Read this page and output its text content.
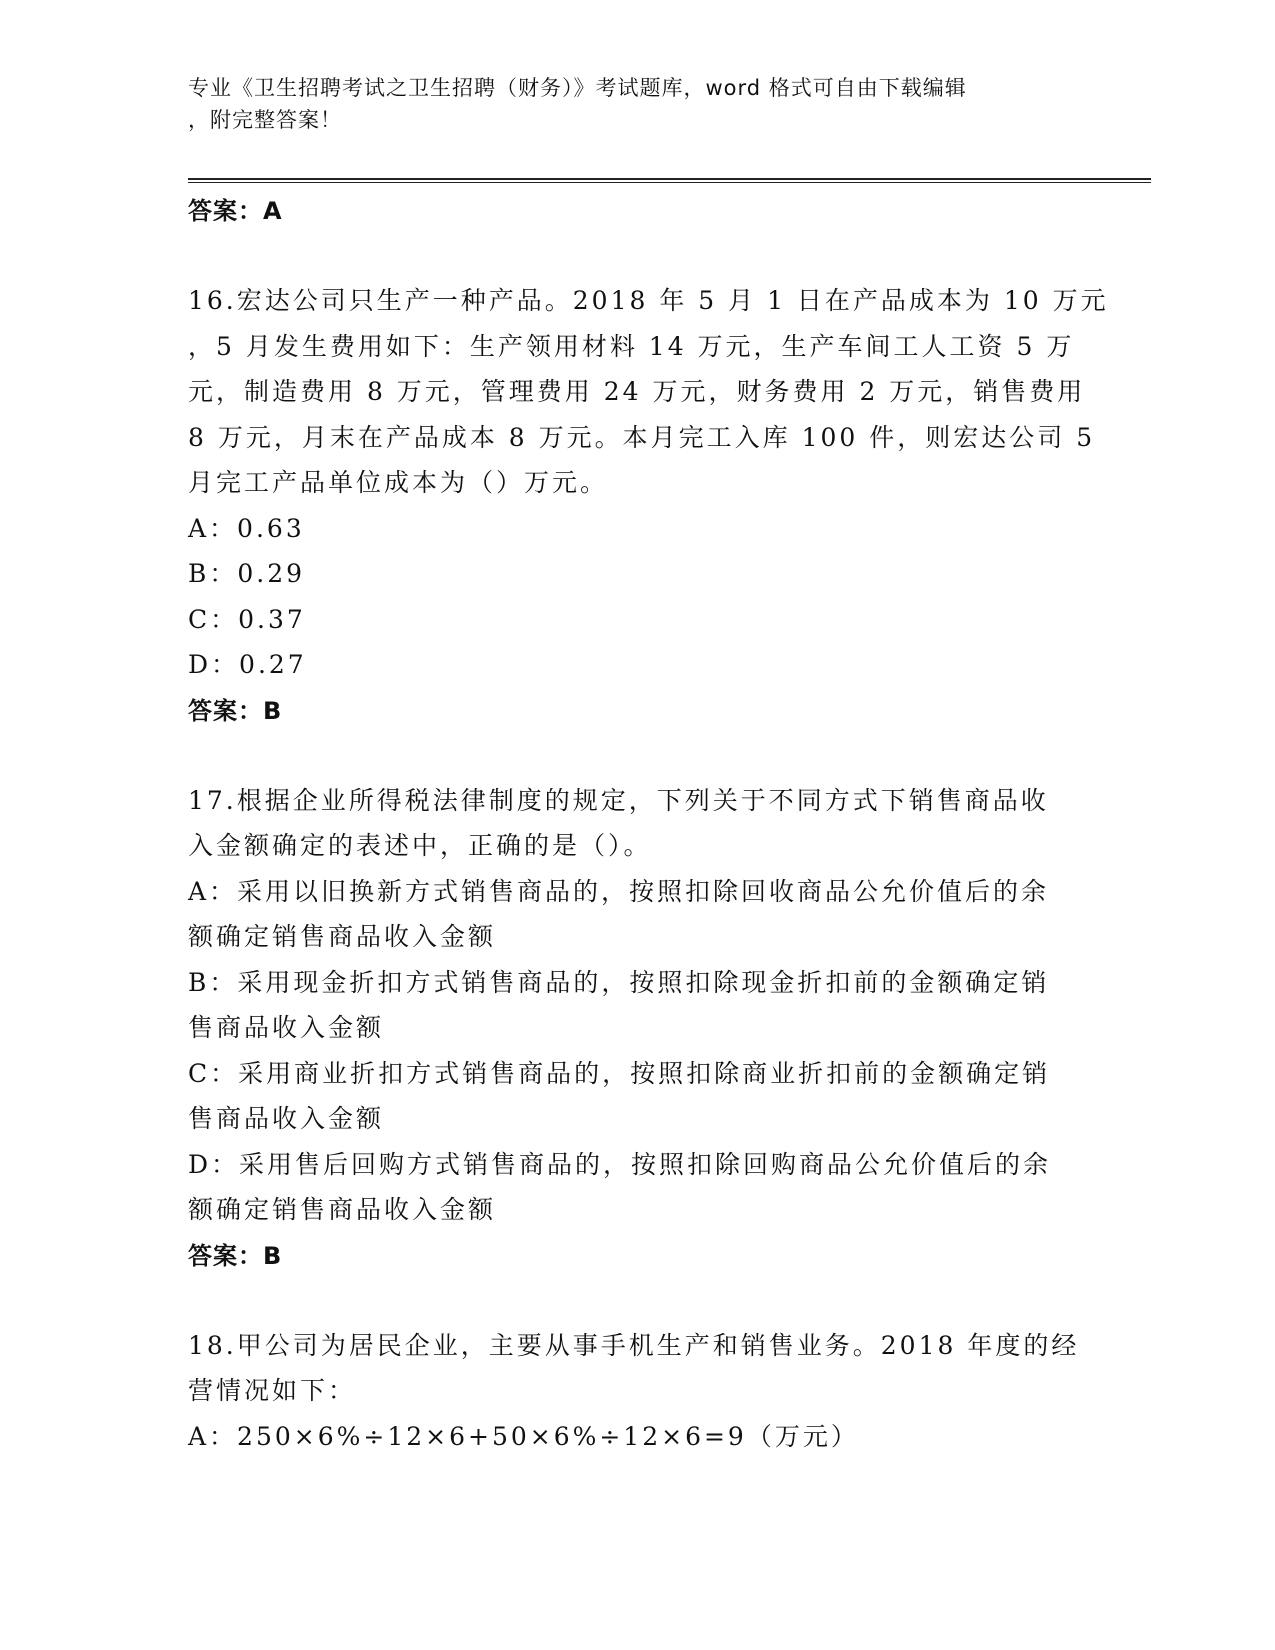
专业《卫生招聘考试之卫生招聘（财务）》考试题库，word 格式可自由下载编辑
，附完整答案！
答案：A
16.宏达公司只生产一种产品。2018 年 5 月 1 日在产品成本为 10 万元
，5 月发生费用如下：生产领用材料 14 万元，生产车间工人工资 5 万
元，制造费用 8 万元，管理费用 24 万元，财务费用 2 万元，销售费用
8 万元，月末在产品成本 8 万元。本月完工入库 100 件，则宏达公司 5
月完工产品单位成本为（）万元。
A：0.63
B：0.29
C：0.37
D：0.27
答案：B
17.根据企业所得税法律制度的规定，下列关于不同方式下销售商品收
入金额确定的表述中，正确的是（）。
A：采用以旧换新方式销售商品的，按照扣除回收商品公允价值后的余
额确定销售商品收入金额
B：采用现金折扣方式销售商品的，按照扣除现金折扣前的金额确定销
售商品收入金额
C：采用商业折扣方式销售商品的，按照扣除商业折扣前的金额确定销
售商品收入金额
D：采用售后回购方式销售商品的，按照扣除回购商品公允价值后的余
额确定销售商品收入金额
答案：B
18.甲公司为居民企业，主要从事手机生产和销售业务。2018 年度的经
营情况如下：
A：250×6%÷12×6+50×6%÷12×6=9（万元）
